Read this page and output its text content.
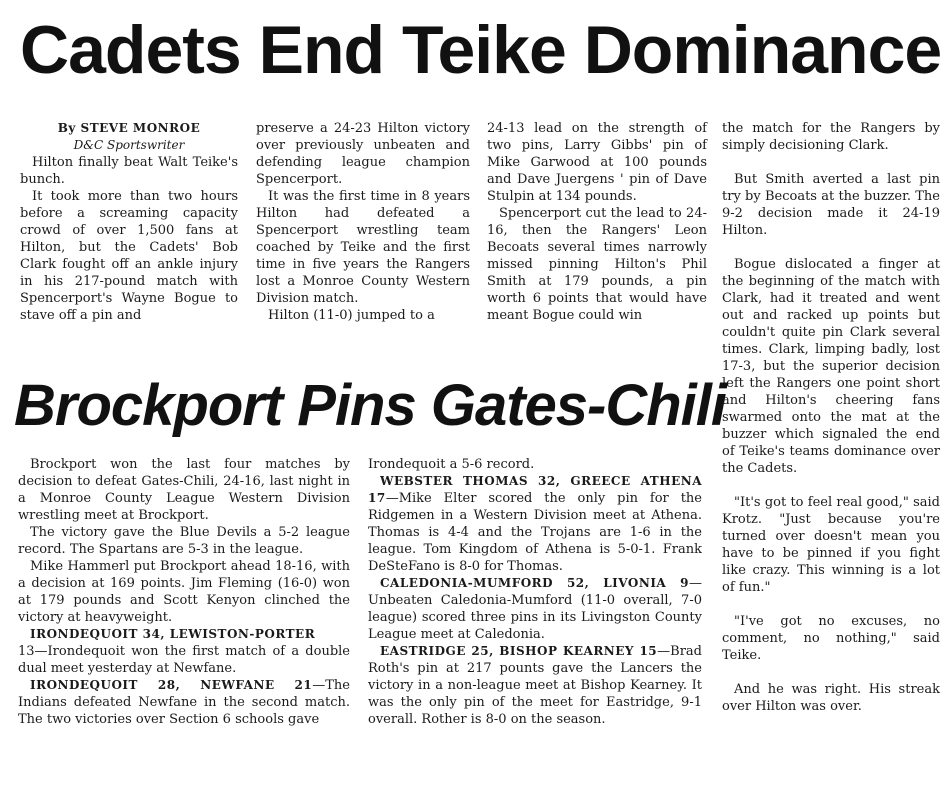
Cadets End Teike Dominance
By STEVE MONROE
D&C Sportswriter

Hilton finally beat Walt Teike's bunch.

It took more than two hours before a screaming capacity crowd of over 1,500 fans at Hilton, but the Cadets' Bob Clark fought off an ankle injury in his 217-pound match with Spencerport's Wayne Bogue to stave off a pin and

preserve a 24-23 Hilton victory over previously unbeaten and defending league champion Spencerport.

It was the first time in 8 years Hilton had defeated a Spencerport wrestling team coached by Teike and the first time in five years the Rangers lost a Monroe County Western Division match.

Hilton (11-0) jumped to a

24-13 lead on the strength of two pins, Larry Gibbs' pin of Mike Garwood at 100 pounds and Dave Juergens ' pin of Dave Stulpin at 134 pounds.

Spencerport cut the lead to 24-16, then the Rangers' Leon Becoats several times narrowly missed pinning Hilton's Phil Smith at 179 pounds, a pin worth 6 points that would have meant Bogue could win

the match for the Rangers by simply decisioning Clark.

But Smith averted a last pin try by Becoats at the buzzer. The 9-2 decision made it 24-19 Hilton.

Bogue dislocated a finger at the beginning of the match with Clark, had it treated and went out and racked up points but couldn't quite pin Clark several times. Clark, limping badly, lost 17-3, but the superior decision left the Rangers one point short and Hilton's cheering fans swarmed onto the mat at the buzzer which signaled the end of Teike's teams dominance over the Cadets.

"It's got to feel real good," said Krotz. "Just because you're turned over doesn't mean you have to be pinned if you fight like crazy. This winning is a lot of fun."

"I've got no excuses, no comment, no nothing," said Teike.

And he was right. His streak over Hilton was over.

Brockport Pins Gates-Chili

Brockport won the last four matches by decision to defeat Gates-Chili, 24-16, last night in a Monroe County League Western Division wrestling meet at Brockport.

The victory gave the Blue Devils a 5-2 league record. The Spartans are 5-3 in the league.

Mike Hammerl put Brockport ahead 18-16, with a decision at 169 points. Jim Fleming (16-0) won at 179 pounds and Scott Kenyon clinched the victory at heavyweight.

IRONDEQUOIT 34, LEWISTON-PORTER
13—Irondequoit won the first match of a double dual meet yesterday at Newfane.

IRONDEQUOIT 28, NEWFANE 21—The Indians defeated Newfane in the second match. The two victories over Section 6 schools gave

Irondequoit a 5-6 record.

WEBSTER THOMAS 32, GREECE ATHENA 17—Mike Elter scored the only pin for the Ridgemen in a Western Division meet at Athena. Thomas is 4-4 and the Trojans are 1-6 in the league. Tom Kingdom of Athena is 5-0-1. Frank DeSteFano is 8-0 for Thomas.

CALEDONIA-MUMFORD 52, LIVONIA 9—Unbeaten Caledonia-Mumford (11-0 overall, 7-0 league) scored three pins in its Livingston County League meet at Caledonia.

EASTRIDGE 25, BISHOP KEARNEY 15—Brad Roth's pin at 217 pounts gave the Lancers the victory in a non-league meet at Bishop Kearney. It was the only pin of the meet for Eastridge, 9-1 overall. Rother is 8-0 on the season.
